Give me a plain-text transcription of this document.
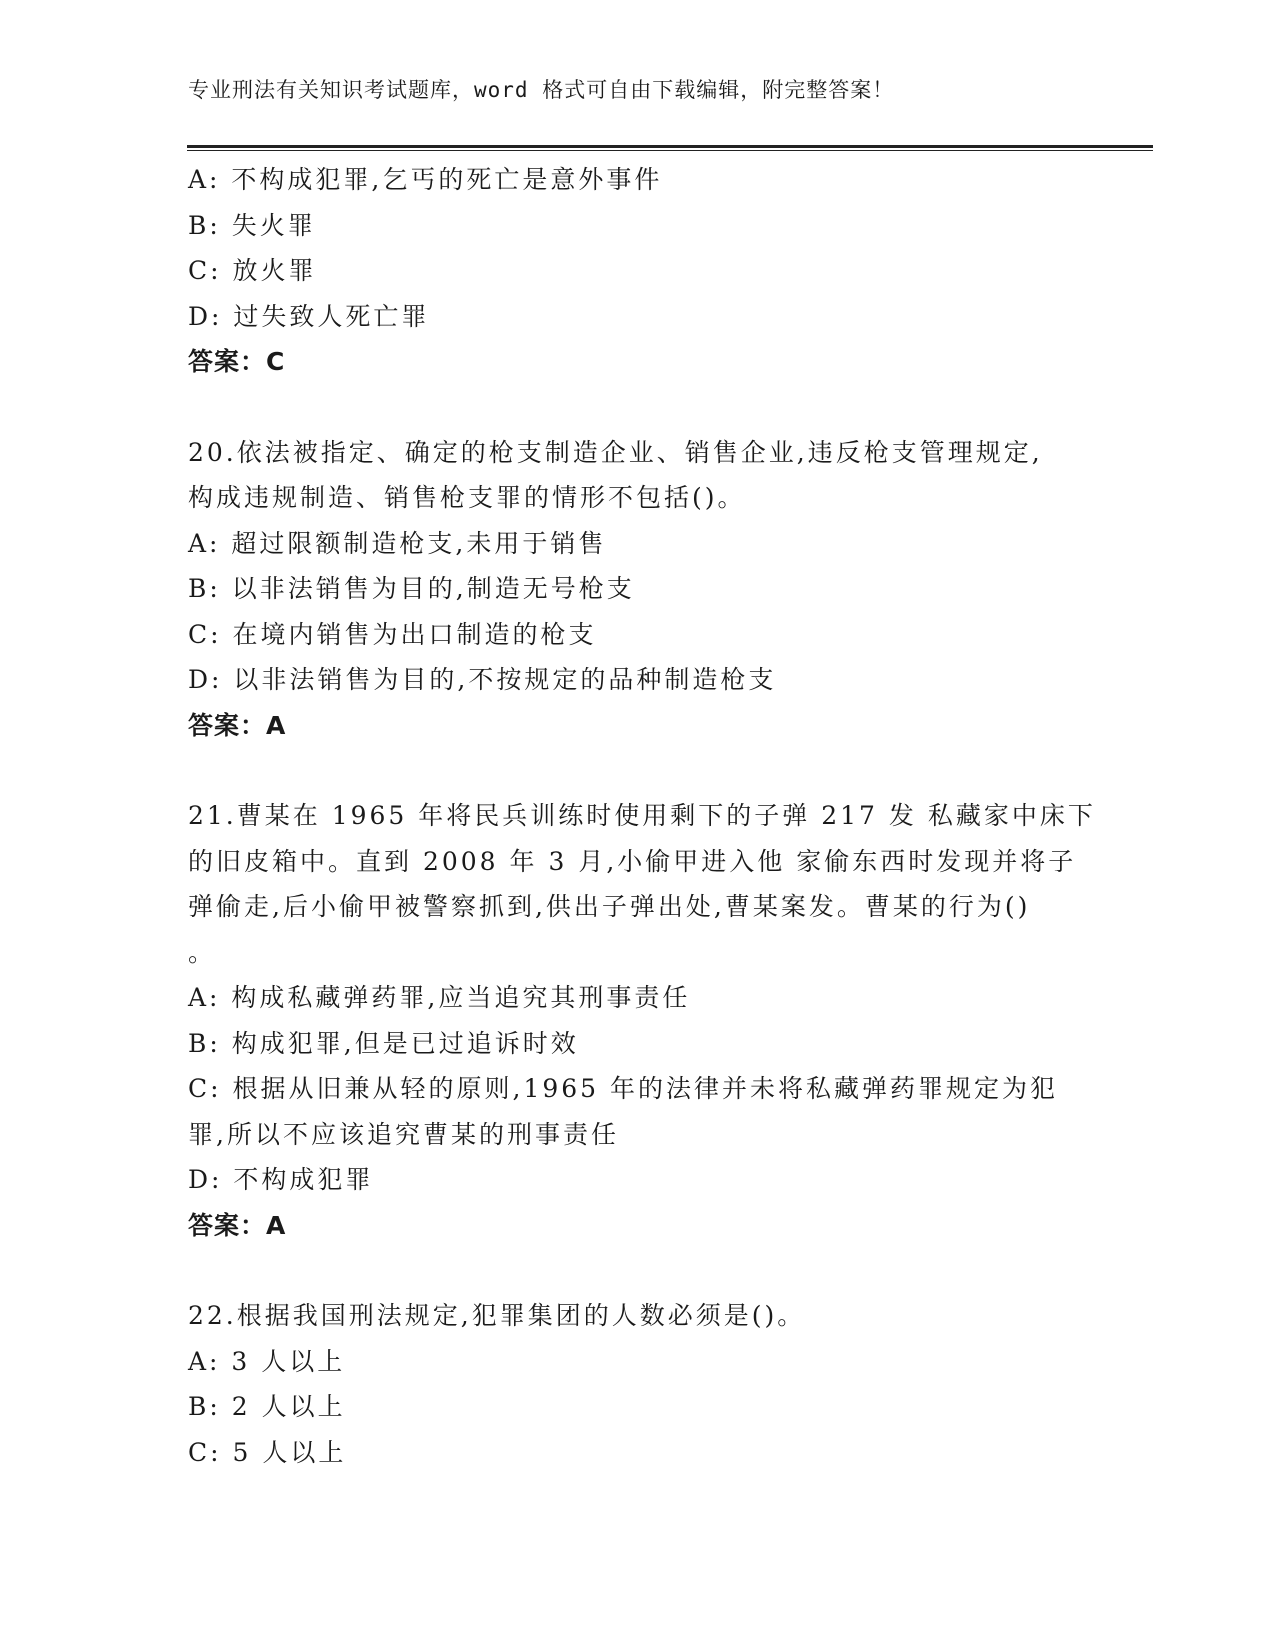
专业刑法有关知识考试题库，word 格式可自由下载编辑，附完整答案！
A: 不构成犯罪,乞丐的死亡是意外事件
B: 失火罪
C: 放火罪
D: 过失致人死亡罪
答案：C
20.依法被指定、确定的枪支制造企业、销售企业,违反枪支管理规定,
构成违规制造、销售枪支罪的情形不包括()。
A: 超过限额制造枪支,未用于销售
B: 以非法销售为目的,制造无号枪支
C: 在境内销售为出口制造的枪支
D: 以非法销售为目的,不按规定的品种制造枪支
答案：A
21.曹某在 1965 年将民兵训练时使用剩下的子弹 217 发 私藏家中床下
的旧皮箱中。直到 2008 年 3 月,小偷甲进入他 家偷东西时发现并将子
弹偷走,后小偷甲被警察抓到,供出子弹出处,曹某案发。曹某的行为()
。
A: 构成私藏弹药罪,应当追究其刑事责任
B: 构成犯罪,但是已过追诉时效
C: 根据从旧兼从轻的原则,1965 年的法律并未将私藏弹药罪规定为犯
罪,所以不应该追究曹某的刑事责任
D: 不构成犯罪
答案：A
22.根据我国刑法规定,犯罪集团的人数必须是()。
A: 3 人以上
B: 2 人以上
C: 5 人以上
